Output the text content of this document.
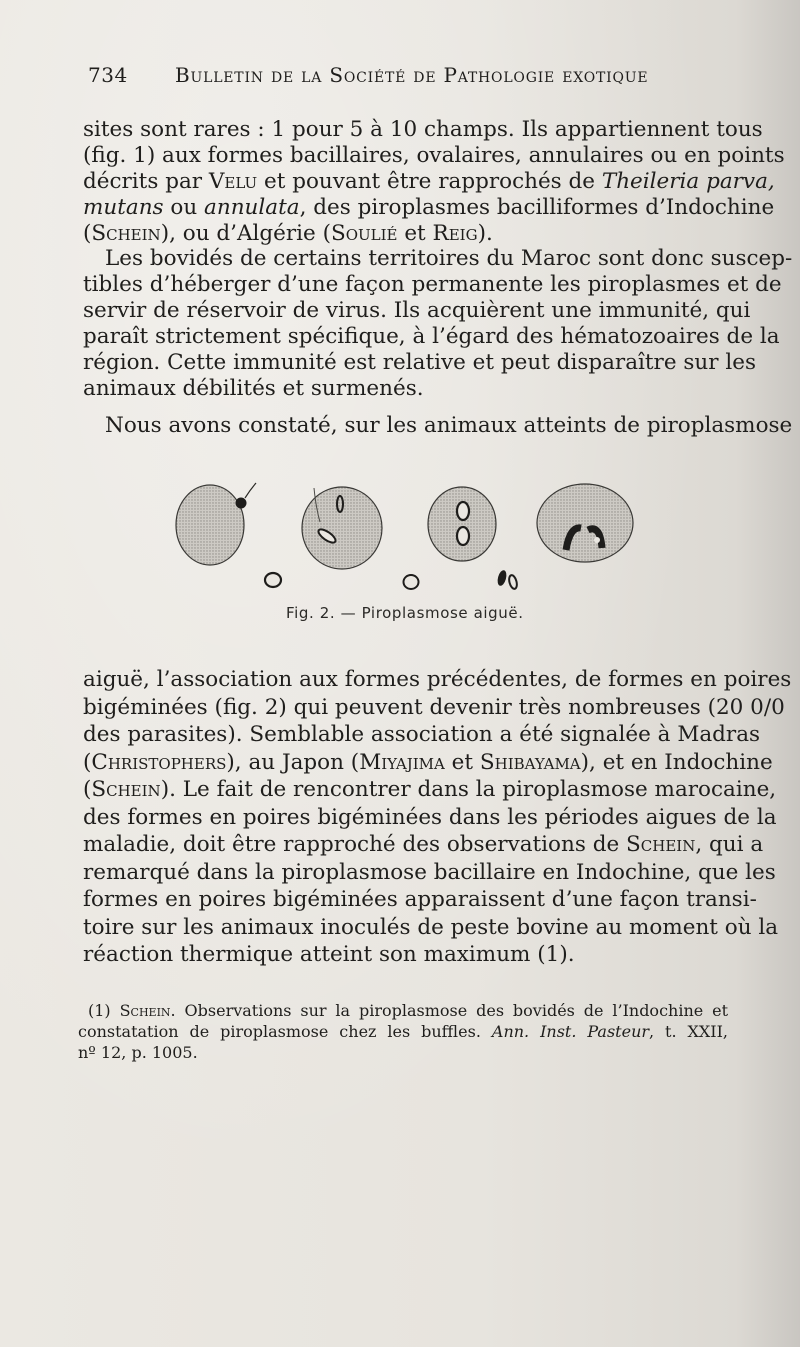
734 Bulletin de la Société de Pathologie exotique
sites sont rares : 1 pour 5 à 10 champs. Ils appartiennent tous
(fig. 1) aux formes bacillaires, ovalaires, annulaires ou en points
décrits par Velu et pouvant être rapprochés de Theileria parva,
mutans ou annulata, des piroplasmes bacilliformes d’Indochine
(Schein), ou d’Algérie (Soulié et Reig).
Les bovidés de certains territoires du Maroc sont donc suscep-
tibles d’héberger d’une façon permanente les piroplasmes et de
servir de réservoir de virus. Ils acquièrent une immunité, qui
paraît strictement spécifique, à l’égard des hématozoaires de la
région. Cette immunité est relative et peut disparaître sur les
animaux débilités et surmenés.
Nous avons constaté, sur les animaux atteints de piroplasmose
Fig. 2. — Piroplasmose aiguë.
aiguë, l’association aux formes précédentes, de formes en poires
bigéminées (fig. 2) qui peuvent devenir très nombreuses (20 0/0
des parasites). Semblable association a été signalée à Madras
(Christophers), au Japon (Miyajima et Shibayama), et en Indochine
(Schein). Le fait de rencontrer dans la piroplasmose marocaine,
des formes en poires bigéminées dans les périodes aigues de la
maladie, doit être rapproché des observations de Schein, qui a
remarqué dans la piroplasmose bacillaire en Indochine, que les
formes en poires bigéminées apparaissent d’une façon transi-
toire sur les animaux inoculés de peste bovine au moment où la
réaction thermique atteint son maximum (1).
(1) Schein. Observations sur la piroplasmose des bovidés de l’Indochine et
constatation de piroplasmose chez les buffles. Ann. Inst. Pasteur, t. XXII,
nº 12, p. 1005.
